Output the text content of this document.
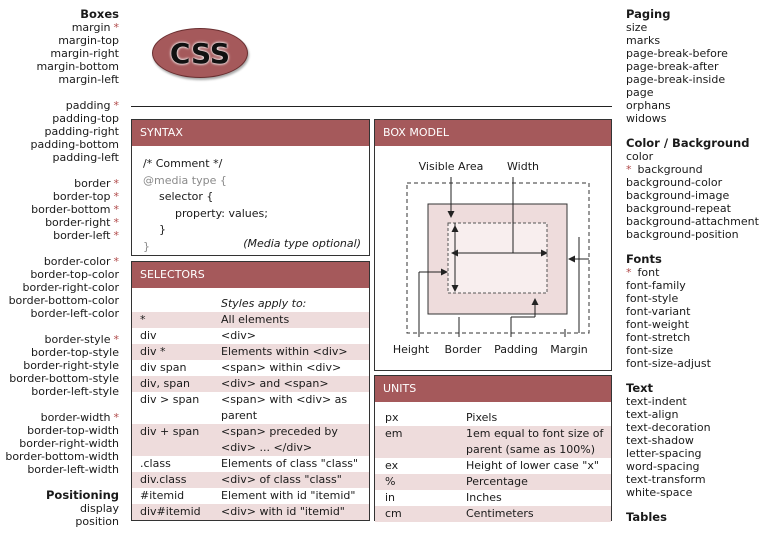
Boxes
margin *
margin-top
margin-right
margin-bottom
margin-left
padding *
padding-top
padding-right
padding-bottom
padding-left
border *
border-top *
border-bottom *
border-right *
border-left *
border-color *
border-top-color
border-right-color
border-bottom-color
border-left-color
border-style *
border-top-style
border-right-style
border-bottom-style
border-left-style
border-width *
border-top-width
border-right-width
border-bottom-width
border-left-width
Positioning
display
position
CSS
SYNTAX
/* Comment */
@media type {
selector {
property: values;
}
}	(Media type optional)
SELECTORS
	Styles apply to:
*	All elements
div	<div>
div *	Elements within <div>
div span	<span> within <div>
div, span	<div> and <span>
div > span	<span> with <div> as parent
div + span	<span> preceded by <div> ... </div>
.class	Elements of class "class"
div.class	<div> of class "class"
#itemid	Element with id "itemid"
div#itemid	<div> with id "itemid"
BOX MODEL
Visible Area Width
Height Border Padding Margin
UNITS
px	Pixels
em	1em equal to font size of parent (same as 100%)
ex	Height of lower case "x"
%	Percentage
in	Inches
cm	Centimeters
Paging
size
marks
page-break-before
page-break-after
page-break-inside
page
orphans
widows
Color / Background
color
* background
background-color
background-image
background-repeat
background-attachment
background-position
Fonts
* font
font-family
font-style
font-variant
font-weight
font-stretch
font-size
font-size-adjust
Text
text-indent
text-align
text-decoration
text-shadow
letter-spacing
word-spacing
text-transform
white-space
Tables
